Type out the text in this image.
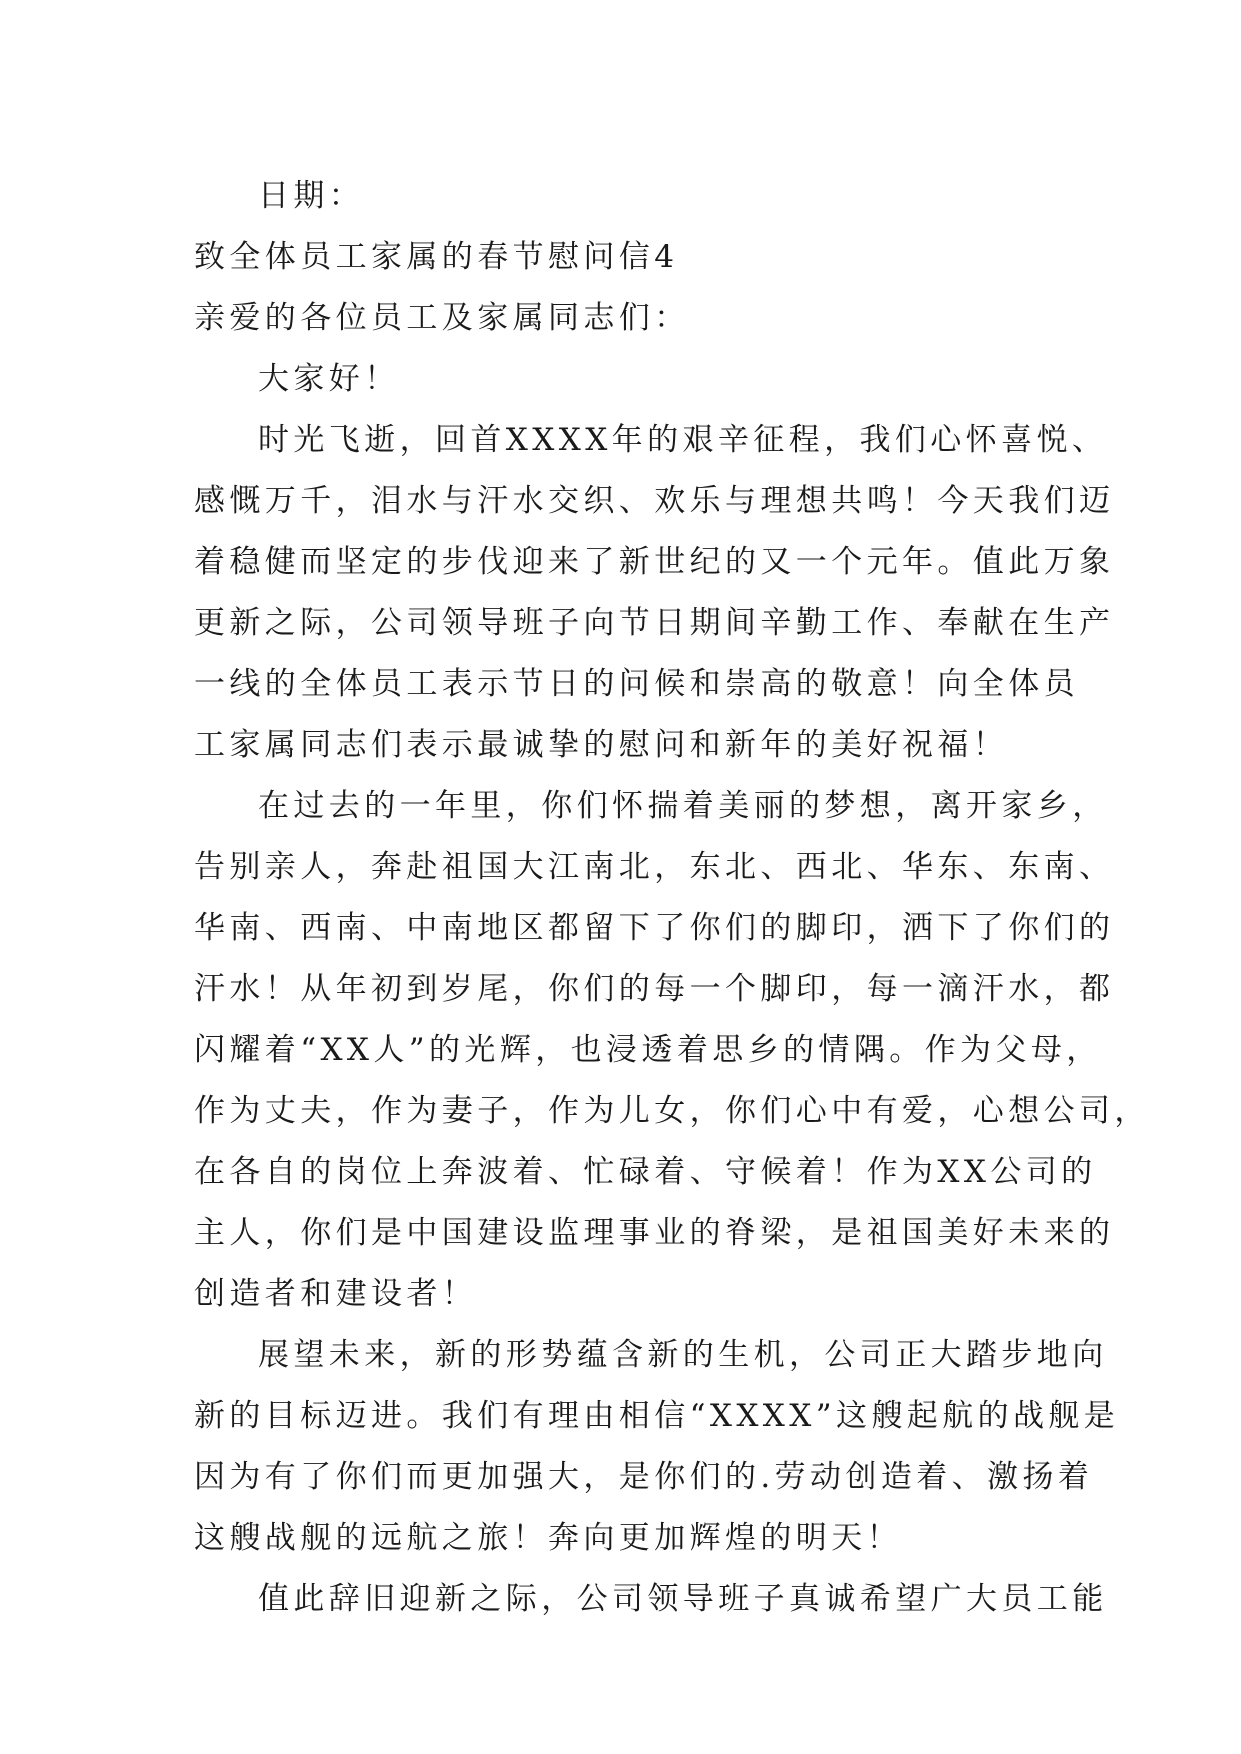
日期：
致全体员工家属的春节慰问信4
亲爱的各位员工及家属同志们：
大家好！
时光飞逝，回首XXXX年的艰辛征程，我们心怀喜悦、
感慨万千，泪水与汗水交织、欢乐与理想共鸣！今天我们迈
着稳健而坚定的步伐迎来了新世纪的又一个元年。值此万象
更新之际，公司领导班子向节日期间辛勤工作、奉献在生产
一线的全体员工表示节日的问候和崇高的敬意！向全体员
工家属同志们表示最诚挚的慰问和新年的美好祝福！
在过去的一年里，你们怀揣着美丽的梦想，离开家乡，
告别亲人，奔赴祖国大江南北，东北、西北、华东、东南、
华南、西南、中南地区都留下了你们的脚印，洒下了你们的
汗水！从年初到岁尾，你们的每一个脚印，每一滴汗水，都
闪耀着“XX人”的光辉，也浸透着思乡的情隅。作为父母，
作为丈夫，作为妻子，作为儿女，你们心中有爱，心想公司，
在各自的岗位上奔波着、忙碌着、守候着！作为XX公司的
主人，你们是中国建设监理事业的脊梁，是祖国美好未来的
创造者和建设者！
展望未来，新的形势蕴含新的生机，公司正大踏步地向
新的目标迈进。我们有理由相信“XXXX”这艘起航的战舰是
因为有了你们而更加强大，是你们的.劳动创造着、激扬着
这艘战舰的远航之旅！奔向更加辉煌的明天！
值此辞旧迎新之际，公司领导班子真诚希望广大员工能
